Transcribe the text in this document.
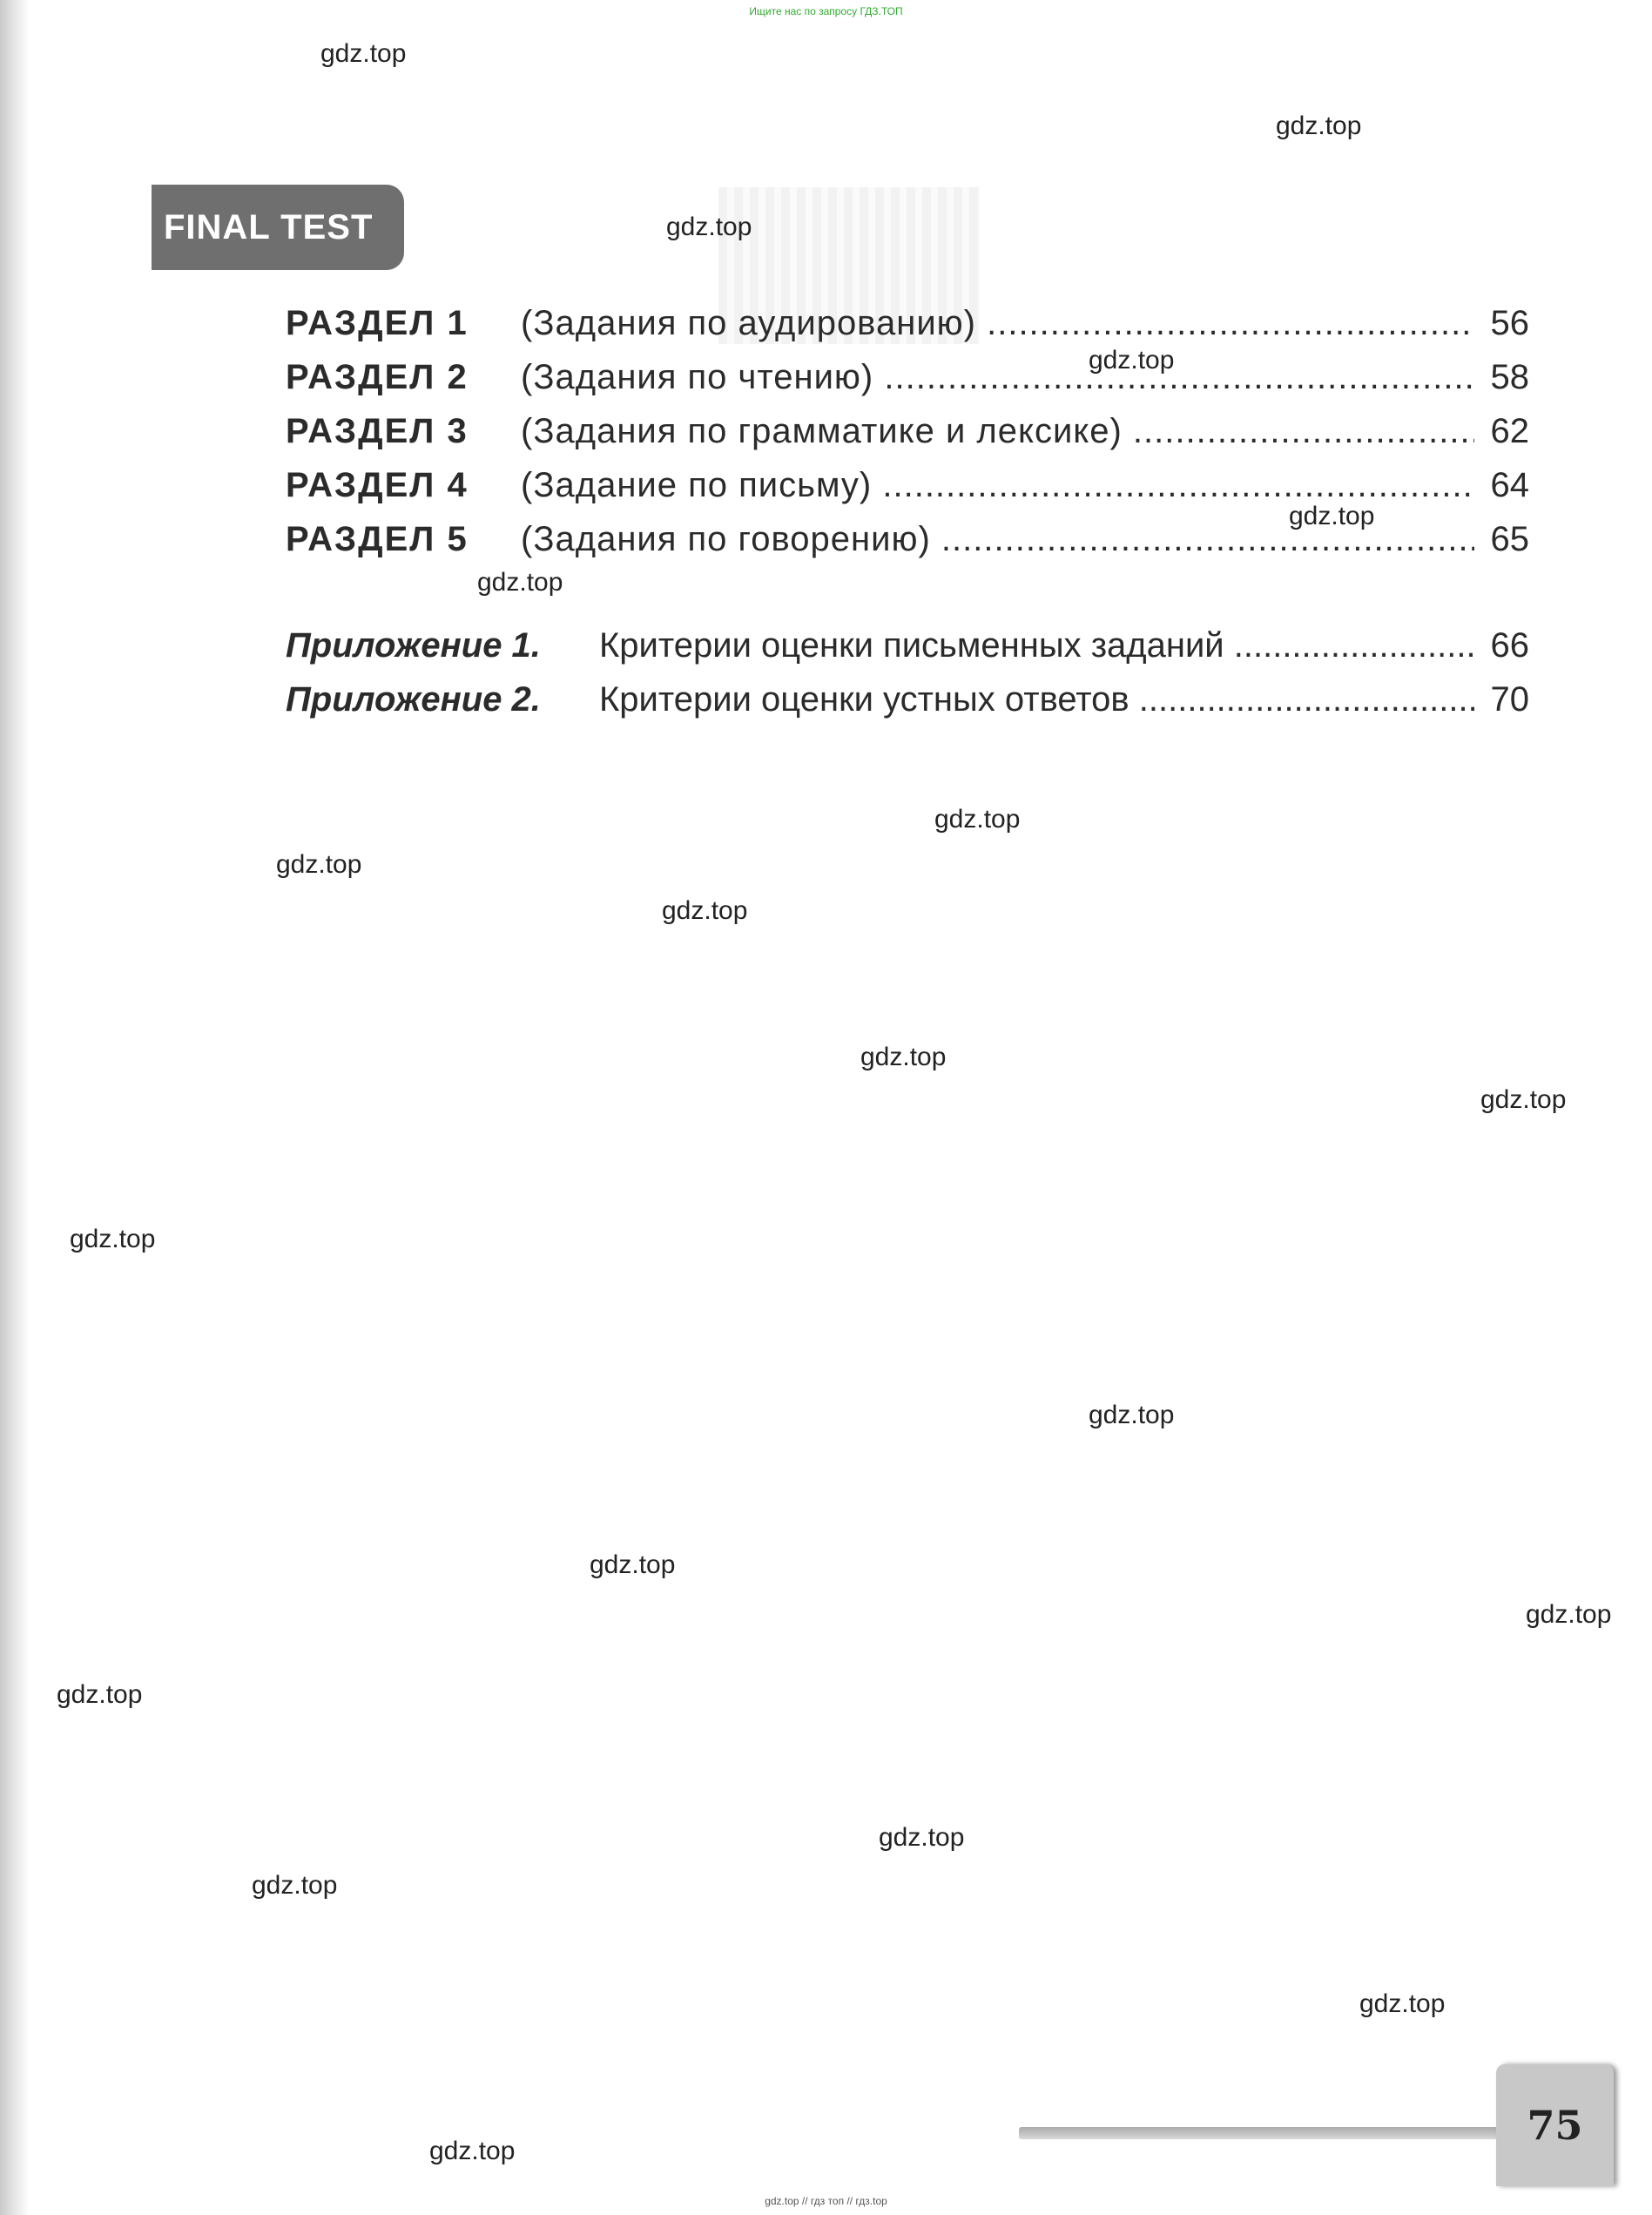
Ищите нас по запросу ГДЗ.ТОП
FINAL TEST
РАЗДЕЛ 1 (Задания по аудированию) .....	56
РАЗДЕЛ 2 (Задания по чтению) .....	58
РАЗДЕЛ 3 (Задания по грамматике и лексике) .....	62
РАЗДЕЛ 4 (Задание по письму) .....	64
РАЗДЕЛ 5 (Задания по говорению) .....	65
Приложение 1. Критерии оценки письменных заданий .....	66
Приложение 2. Критерии оценки устных ответов .....	70
gdz.top
gdz.top
gdz.top
gdz.top
gdz.top
gdz.top
gdz.top
gdz.top
gdz.top
gdz.top
gdz.top
gdz.top
gdz.top
gdz.top
gdz.top
gdz.top
gdz.top
gdz.top
gdz.top
gdz.top
75
gdz.top // гдз топ // гдз.top
